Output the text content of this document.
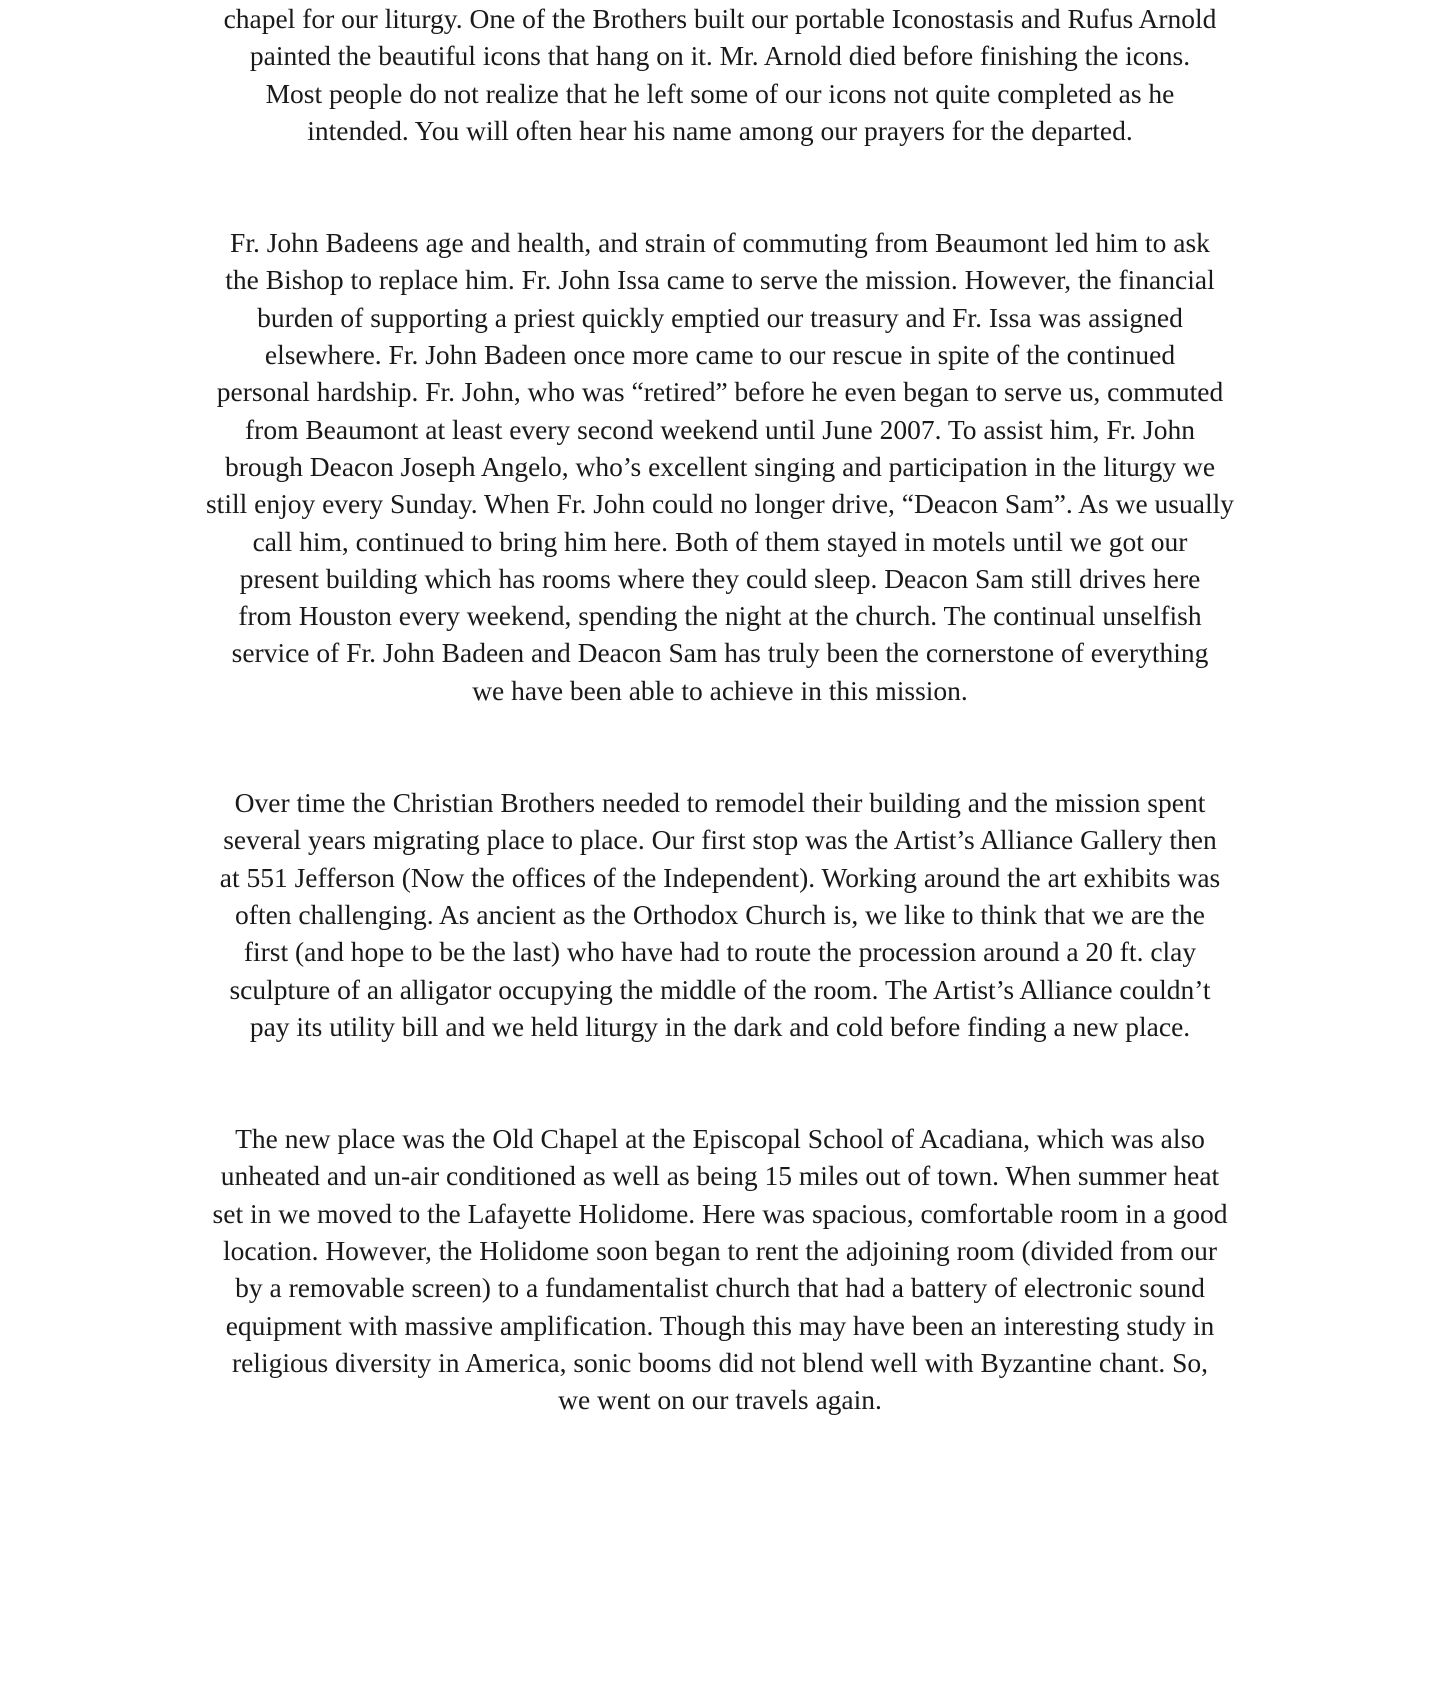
chapel for our liturgy. One of the Brothers built our portable Iconostasis and Rufus Arnold
painted the beautiful icons that hang on it. Mr. Arnold died before finishing the icons.
Most people do not realize that he left some of our icons not quite completed as he
intended. You will often hear his name among our prayers for the departed.

Fr. John Badeens age and health, and strain of commuting from Beaumont led him to ask
the Bishop to replace him. Fr. John Issa came to serve the mission. However, the financial
burden of supporting a priest quickly emptied our treasury and Fr. Issa was assigned
elsewhere. Fr. John Badeen once more came to our rescue in spite of the continued
personal hardship. Fr. John, who was “retired” before he even began to serve us, commuted
from Beaumont at least every second weekend until June 2007. To assist him, Fr. John
brough Deacon Joseph Angelo, who’s excellent singing and participation in the liturgy we
still enjoy every Sunday. When Fr. John could no longer drive, “Deacon Sam”. As we usually
call him, continued to bring him here. Both of them stayed in motels until we got our
present building which has rooms where they could sleep. Deacon Sam still drives here
from Houston every weekend, spending the night at the church. The continual unselfish
service of Fr. John Badeen and Deacon Sam has truly been the cornerstone of everything
we have been able to achieve in this mission.

Over time the Christian Brothers needed to remodel their building and the mission spent
several years migrating place to place. Our first stop was the Artist’s Alliance Gallery then
at 551 Jefferson (Now the offices of the Independent). Working around the art exhibits was
often challenging. As ancient as the Orthodox Church is, we like to think that we are the
first (and hope to be the last) who have had to route the procession around a 20 ft. clay
sculpture of an alligator occupying the middle of the room. The Artist’s Alliance couldn’t
pay its utility bill and we held liturgy in the dark and cold before finding a new place.

The new place was the Old Chapel at the Episcopal School of Acadiana, which was also
unheated and un-air conditioned as well as being 15 miles out of town. When summer heat
set in we moved to the Lafayette Holidome. Here was spacious, comfortable room in a good
location. However, the Holidome soon began to rent the adjoining room (divided from our
by a removable screen) to a fundamentalist church that had a battery of electronic sound
equipment with massive amplification. Though this may have been an interesting study in
religious diversity in America, sonic booms did not blend well with Byzantine chant. So,
we went on our travels again.
